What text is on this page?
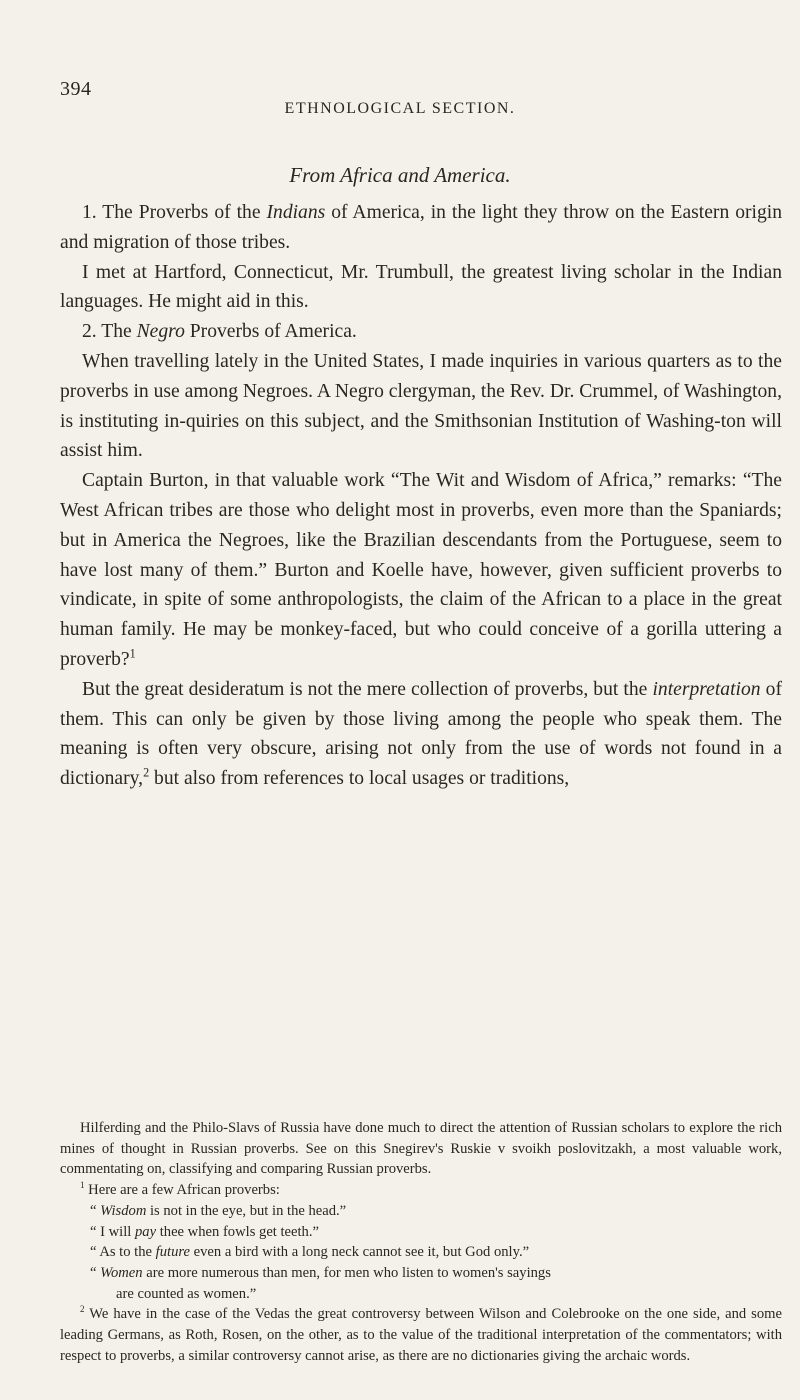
394
ETHNOLOGICAL SECTION.
From Africa and America.

1. The Proverbs of the Indians of America, in the light they throw on the Eastern origin and migration of those tribes.

I met at Hartford, Connecticut, Mr. Trumbull, the greatest living scholar in the Indian languages. He might aid in this.

2. The Negro Proverbs of America.

When travelling lately in the United States, I made inquiries in various quarters as to the proverbs in use among Negroes. A Negro clergyman, the Rev. Dr. Crummel, of Washington, is instituting in-quiries on this subject, and the Smithsonian Institution of Washing-ton will assist him.

Captain Burton, in that valuable work “The Wit and Wisdom of Africa,” remarks: “The West African tribes are those who delight most in proverbs, even more than the Spaniards; but in America the Negroes, like the Brazilian descendants from the Portuguese, seem to have lost many of them.” Burton and Koelle have, however, given sufficient proverbs to vindicate, in spite of some anthropologists, the claim of the African to a place in the great human family. He may be monkey-faced, but who could conceive of a gorilla uttering a proverb?$^1$

But the great desideratum is not the mere collection of proverbs, but the interpretation of them. This can only be given by those living among the people who speak them. The meaning is often very obscure, arising not only from the use of words not found in a dictionary,$^2$ but also from references to local usages or traditions,

Hilferding and the Philo-Slavs of Russia have done much to direct the attention of Russian scholars to explore the rich mines of thought in Russian proverbs. See on this Snegirev's Ruskie v svoikh poslovitzakh, a most valuable work, commentating on, classifying and comparing Russian proverbs.

$^1$ Here are a few African proverbs:

“ Wisdom is not in the eye, but in the head.”

“ I will pay thee when fowls get teeth.”

“ As to the future even a bird with a long neck cannot see it, but God only.”

“ Women are more numerous than men, for men who listen to women's sayings

are counted as women.”

$^2$ We have in the case of the Vedas the great controversy between Wilson and Colebrooke on the one side, and some leading Germans, as Roth, Rosen, on the other, as to the value of the traditional interpretation of the commentators; with respect to proverbs, a similar controversy cannot arise, as there are no dictionaries giving the archaic words.
